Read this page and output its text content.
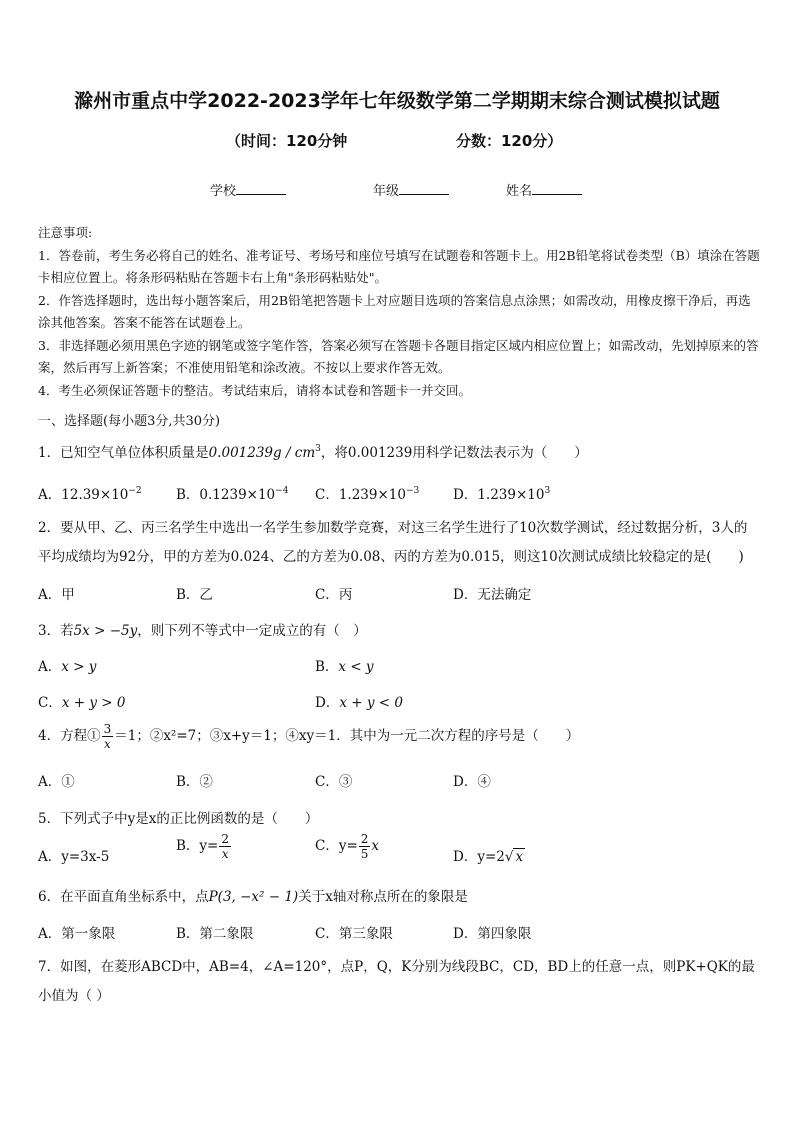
滁州市重点中学2022-2023学年七年级数学第二学期期末综合测试模拟试题
（时间：120分钟	分数：120分）
学校	年级	姓名

注意事项:

1．答卷前，考生务必将自己的姓名、准考证号、考场号和座位号填写在试题卷和答题卡上。用2B铅笔将试卷类型（B）填涂在答题卡相应位置上。将条形码粘贴在答题卡右上角"条形码粘贴处"。

2．作答选择题时，选出每小题答案后，用2B铅笔把答题卡上对应题目选项的答案信息点涂黑；如需改动，用橡皮擦干净后，再选涂其他答案。答案不能答在试题卷上。

3．非选择题必须用黑色字迹的钢笔或签字笔作答，答案必须写在答题卡各题目指定区域内相应位置上；如需改动，先划掉原来的答案，然后再写上新答案；不准使用铅笔和涂改液。不按以上要求作答无效。

4．考生必须保证答题卡的整洁。考试结束后，请将本试卷和答题卡一并交回。

一、选择题(每小题3分,共30分)
1．已知空气单位体积质量是$0.001239g / cm^3$，将0.001239用科学记数法表示为（　　）
A．$12.39\times 10^{-2}$	B．$0.1239\times 10^{-4}$ C．$1.239\times 10^{-3}$	D．$1.239\times 10^3$
2．要从甲、乙、丙三名学生中选出一名学生参加数学竞赛，对这三名学生进行了10次数学测试，经过数据分析，3人的平均成绩均为92分，甲的方差为0.024、乙的方差为0.08、丙的方差为0.015，则这10次测试成绩比较稳定的是(　　)
A．甲	B．乙	C．丙	D．无法确定
3．若5x > −5y，则下列不等式中一定成立的有（　）
A．x > y	B．x < y
C．x + y > 0	D．x + y < 0
4．方程① $\frac{3}{x} =1$；②x²=7；③x+y＝1；④xy＝1．其中为一元二次方程的序号是（　　）
A．①	B．②	C．③	D．④
5．下列式子中y是x的正比例函数的是（　　）
A．y=3x-5
B．$y= \frac{2}{x}$	C．$y= \frac{2}{5}$ x
D．y=2√ x
6．在平面直角坐标系中，点P(3, −x² − 1)关于x轴对称点所在的象限是
A．第一象限	B．第二象限	C．第三象限	D．第四象限
7．如图，在菱形ABCD中，AB=4，∠A=120°，点P，Q，K分别为线段BC，CD，BD上的任意一点，则PK+QK的最小值为（ ）
